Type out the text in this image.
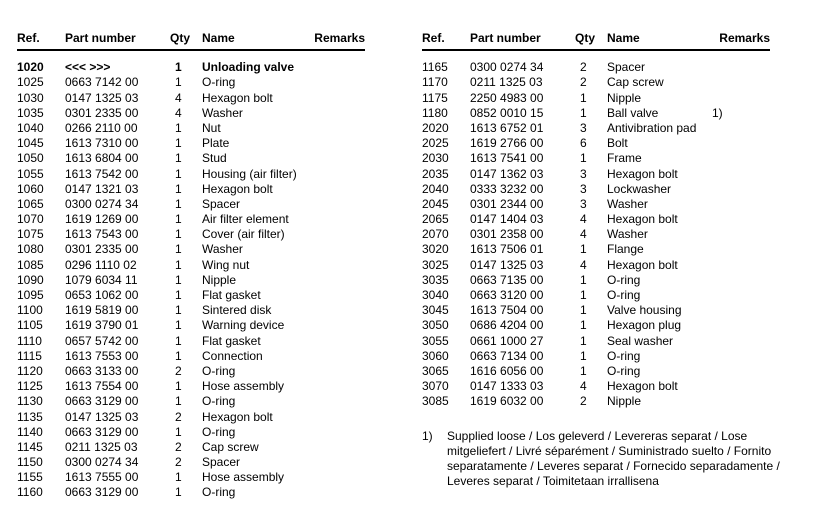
Ref.	Part number	Qty Name	Remarks
1020	<<< >>>	1	Unloading valve
1025	0663 7142 00	1	O-ring
1030	0147 1325 03	4	Hexagon bolt
1035	0301 2335 00	4	Washer
1040	0266 2110 00	1	Nut
1045	1613 7310 00	1	Plate
1050	1613 6804 00	1	Stud
1055	1613 7542 00	1	Housing (air filter)
1060	0147 1321 03	1	Hexagon bolt
1065	0300 0274 34	1	Spacer
1070	1619 1269 00	1	Air filter element
1075	1613 7543 00	1	Cover (air filter)
1080	0301 2335 00	1	Washer
1085	0296 1110 02	1	Wing nut
1090	1079 6034 11	1	Nipple
1095	0653 1062 00	1	Flat gasket
1100	1619 5819 00	1	Sintered disk
1105	1619 3790 01	1	Warning device
1110	0657 5742 00	1	Flat gasket
1115	1613 7553 00	1	Connection
1120	0663 3133 00	2	O-ring
1125	1613 7554 00	1	Hose assembly
1130	0663 3129 00	1	O-ring
1135	0147 1325 03	2	Hexagon bolt
1140	0663 3129 00	1	O-ring
1145	0211 1325 03	2	Cap screw
1150	0300 0274 34	2	Spacer
1155	1613 7555 00	1	Hose assembly
1160	0663 3129 00	1	O-ring
Ref.	Part number	Qty Name	Remarks
1165	0300 0274 34	2	Spacer
1170	0211 1325 03	2	Cap screw
1175	2250 4983 00	1	Nipple
1180	0852 0010 15	1	Ball valve	1)
2020	1613 6752 01	3	Antivibration pad
2025	1619 2766 00	6	Bolt
2030	1613 7541 00	1	Frame
2035	0147 1362 03	3	Hexagon bolt
2040	0333 3232 00	3	Lockwasher
2045	0301 2344 00	3	Washer
2065	0147 1404 03	4	Hexagon bolt
2070	0301 2358 00	4	Washer
3020	1613 7506 01	1	Flange
3025	0147 1325 03	4	Hexagon bolt
3035	0663 7135 00	1	O-ring
3040	0663 3120 00	1	O-ring
3045	1613 7504 00	1	Valve housing
3050	0686 4204 00	1	Hexagon plug
3055	0661 1000 27	1	Seal washer
3060	0663 7134 00	1	O-ring
3065	1616 6056 00	1	O-ring
3070	0147 1333 03	4	Hexagon bolt
3085	1619 6032 00	2	Nipple
1)	Supplied loose / Los geleverd / Levereras separat / Lose
mitgeliefert / Livré séparément / Suministrado suelto / Fornito
separatamente / Leveres separat / Fornecido separadamente /
Leveres separat / Toimitetaan irrallisena
